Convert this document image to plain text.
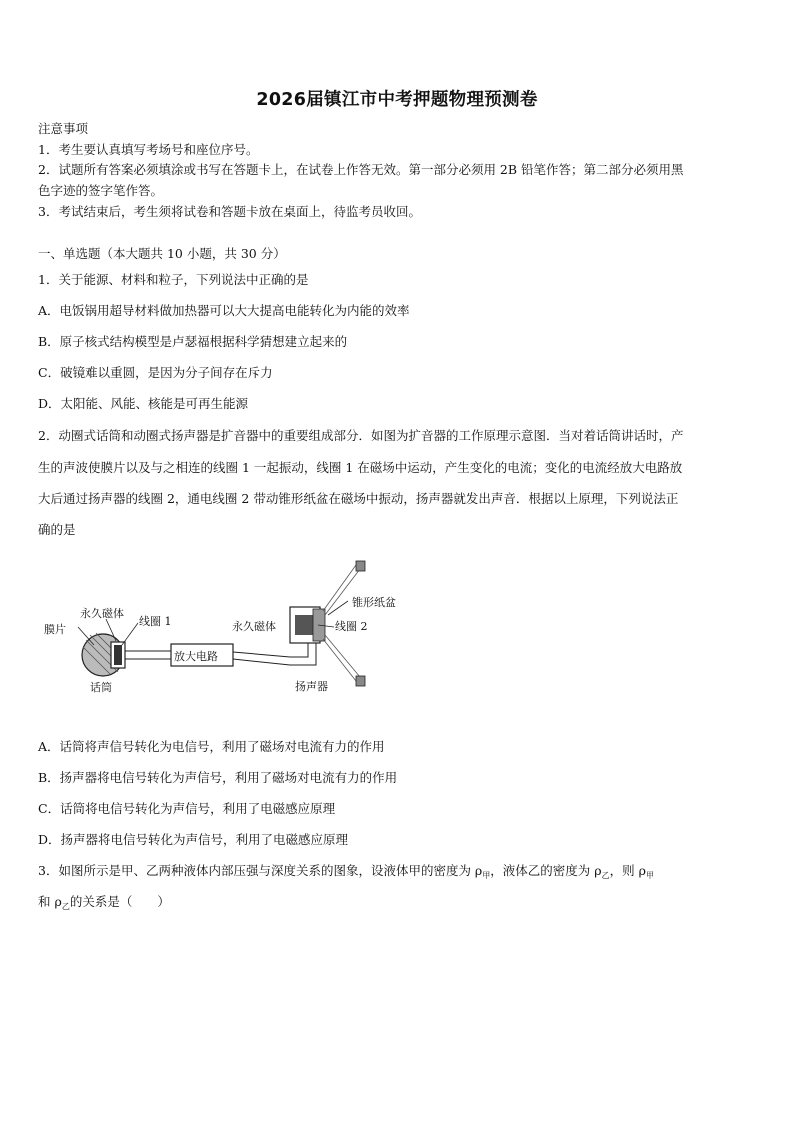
2026届镇江市中考押题物理预测卷
注意事项
1．考生要认真填写考场号和座位序号。
2．试题所有答案必须填涂或书写在答题卡上，在试卷上作答无效。第一部分必须用 2B 铅笔作答；第二部分必须用黑
色字迹的签字笔作答。
3．考试结束后，考生须将试卷和答题卡放在桌面上，待监考员收回。
一、单选题（本大题共 10 小题，共 30 分）
1．关于能源、材料和粒子，下列说法中正确的是
A．电饭锅用超导材料做加热器可以大大提高电能转化为内能的效率
B．原子核式结构模型是卢瑟福根据科学猜想建立起来的
C．破镜难以重圆，是因为分子间存在斥力
D．太阳能、风能、核能是可再生能源
2．动圈式话筒和动圈式扬声器是扩音器中的重要组成部分．如图为扩音器的工作原理示意图．当对着话筒讲话时，产
生的声波使膜片以及与之相连的线圈 1 一起振动，线圈 1 在磁场中运动，产生变化的电流；变化的电流经放大电路放
大后通过扬声器的线圈 2，通电线圈 2 带动锥形纸盆在磁场中振动，扬声器就发出声音．根据以上原理，下列说法正
确的是
膜片
永久磁体
线圈 1
放大电路
话筒
永久磁体
锥形纸盆
线圈 2
扬声器
A．话筒将声信号转化为电信号，利用了磁场对电流有力的作用
B．扬声器将电信号转化为声信号，利用了磁场对电流有力的作用
C．话筒将电信号转化为声信号，利用了电磁感应原理
D．扬声器将电信号转化为声信号，利用了电磁感应原理
3．如图所示是甲、乙两种液体内部压强与深度关系的图象，设液体甲的密度为 $\rho_甲$，液体乙的密度为 $\rho_乙$，则 $\rho_甲$
和 $\rho_乙$的关系是（　　）
